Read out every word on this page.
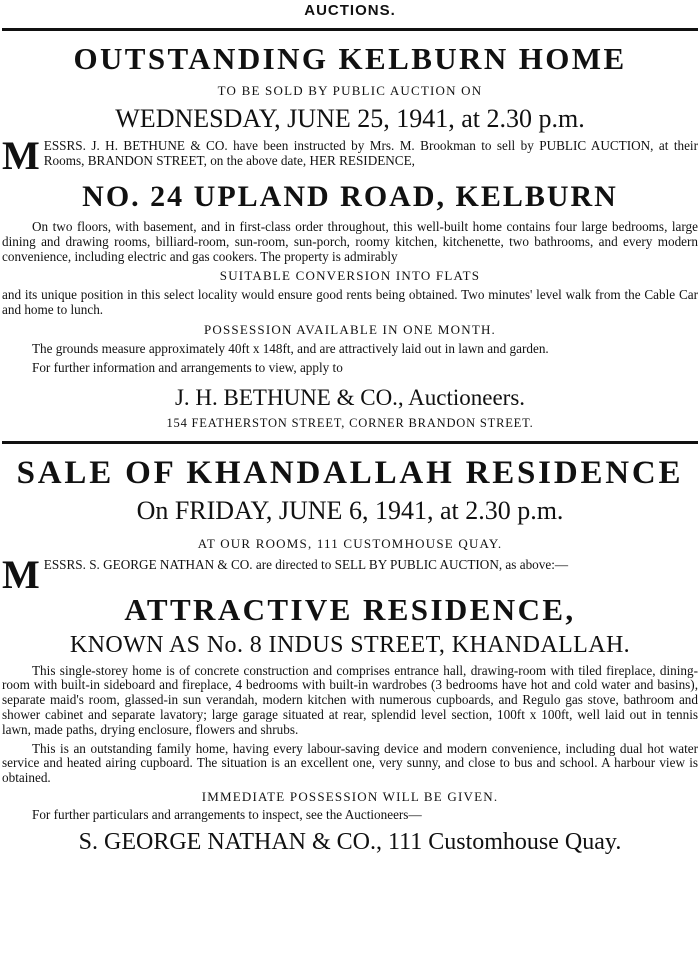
AUCTIONS.
OUTSTANDING KELBURN HOME
TO BE SOLD BY PUBLIC AUCTION ON
WEDNESDAY, JUNE 25, 1941, at 2.30 p.m.
M ESSRS. J. H. BETHUNE & CO. have been instructed by Mrs. M. Brookman to sell by PUBLIC AUCTION, at their Rooms, BRANDON STREET, on the above date, HER RESIDENCE,

NO. 24 UPLAND ROAD, KELBURN

On two floors, with basement, and in first-class order throughout, this well-built home contains four large bedrooms, large dining and drawing rooms, billiard-room, sun-room, sun-porch, roomy kitchen, kitchenette, two bathrooms, and every modern convenience, including electric and gas cookers. The property is admirably

SUITABLE CONVERSION INTO FLATS

and its unique position in this select locality would ensure good rents being obtained. Two minutes' level walk from the Cable Car and home to lunch.

POSSESSION AVAILABLE IN ONE MONTH.

The grounds measure approximately 40ft x 148ft, and are attractively laid out in lawn and garden.

For further information and arrangements to view, apply to

J. H. BETHUNE & CO., Auctioneers.
154 FEATHERSTON STREET, CORNER BRANDON STREET.
SALE OF KHANDALLAH RESIDENCE
On FRIDAY, JUNE 6, 1941, at 2.30 p.m.
AT OUR ROOMS, 111 CUSTOMHOUSE QUAY.
M ESSRS. S. GEORGE NATHAN & CO. are directed to SELL BY PUBLIC AUCTION, as above:—

ATTRACTIVE RESIDENCE,
KNOWN AS No. 8 INDUS STREET, KHANDALLAH.

This single-storey home is of concrete construction and comprises entrance hall, drawing-room with tiled fireplace, dining-room with built-in sideboard and fireplace, 4 bedrooms with built-in wardrobes (3 bedrooms have hot and cold water and basins), separate maid's room, glassed-in sun verandah, modern kitchen with numerous cupboards, and Regulo gas stove, bathroom and shower cabinet and separate lavatory; large garage situated at rear, splendid level section, 100ft x 100ft, well laid out in tennis lawn, made paths, drying enclosure, flowers and shrubs.

This is an outstanding family home, having every labour-saving device and modern convenience, including dual hot water service and heated airing cupboard. The situation is an excellent one, very sunny, and close to bus and school. A harbour view is obtained.

IMMEDIATE POSSESSION WILL BE GIVEN.

For further particulars and arrangements to inspect, see the Auctioneers—

S. GEORGE NATHAN & CO., 111 Customhouse Quay.
